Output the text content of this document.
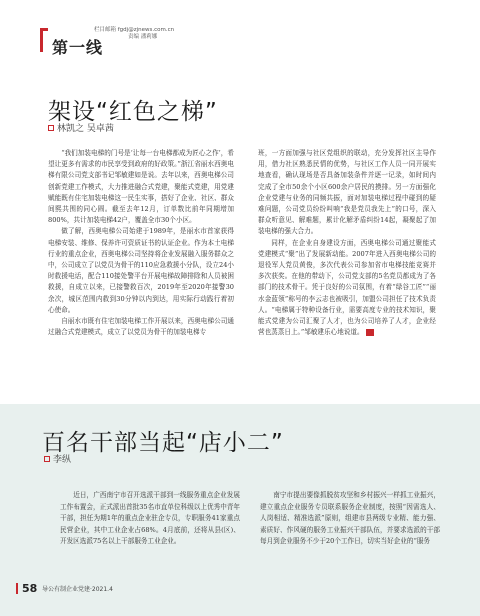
第一线
栏目邮箱 fgdj@zjnews.com.cn
责编 潘莉娜
架设“红色之梯”
林凯之 吴卓茜

“我们加装电梯的门号是‘让每一台电梯都成为匠心之作’，希望让更多有需求的市民享受到政府的好政策。”浙江省丽水西奥电梯有限公司党支部书记邹敏建如是说。去年以来，西奥电梯公司创新党建工作模式，大力推进融合式党建，聚能式党建，用党建赋能既有住宅加装电梯这一民生实事，搭好了企业、社区、群众间熙共围的同心圆。截至去年12月，订单数比前年同期增加800%，共计加装电梯42户，覆盖全市30个小区。

做了解，西奥电梯公司始建于1989年，是丽水市首家获得电梯安装、维修、保养许可资质证书的认证企业。作为本土电梯行业的重点企业，西奥电梯公司坚持将企业发展融入服务群众之中，公司成立了以党员为骨干的110应急救援小分队，设立24小时救援电话，配合110接处警平台开展电梯故障排除和人员被困救援，自成立以来，已接警救百次，2019年至2020年接警30余次，城区范围内救到30分钟以内到达，用实际行动践行着初心使命。

自丽水市既有住宅加装电梯工作开展以来，西奥电梯公司通过融合式党建模式，成立了以党员为骨干的加装电梯专

班，一方面加强与社区党组织的联动，充分发挥社区主导作用，借力社区熟悉民情的优势，与社区工作人员一同开展实地查看，确认现场是否具备加装条件并逐一记录，如时间内完成了全市50余个小区600余户居民的摸排。另一方面强化企业党建与业务的同频共振，面对加装电梯过程中碰到的疑难问题，公司党员纷纷叫响“我是党员我先上”的口号，深入群众听意见、解难题，累计化解矛盾纠纷14起，凝聚起了加装电梯的强大合力。

同样，在企业自身建设方面，西奥电梯公司通过聚能式党建模式“聚”出了发展新动能。2007年进入西奥电梯公司的退役军人党员黄俊，多次代表公司参加省市电梯技能竞赛并多次获奖。在他的带动下，公司党支部的5名党员都成为了各部门的技术骨干。凭于良好的公司氛围，有着“绿谷工匠”“丽水金蓝领”称号的李云志也被吸引，加盟公司担任了技术负责人。“电梯属于特种设备行业，需要高度专业的技术知识，聚能式党建为公司汇聚了人才，也为公司培养了人才，企业经营也蒸蒸日上。”邹敏建乐心地说道。

百名干部当起“店小二”
李纵

近日，广西南宁市召开选派干部到一线服务重点企业发展工作布置会，正式派出首批35名市直单位科级以上优秀中青年干部，担任为期1年的重点企业驻企专员，专职服务41家重点民营企业，其中工业企业占68%。4月底前，还将从县(区)、开发区选派75名以上干部服务工业企业。

南宁市提出要像抓脱贫攻坚和乡村振兴一样抓工业振兴，建立重点企业服务专员联系服务企业制度，按照“因需选人、人岗相适、精准选派”原则，组建市县两级专业精、能力强、素质好、作风硬的服务工业振兴干部队伍，并要求选派的干部每月到企业服务不少于20个工作日，切实当好企业的“服务

58 导公有制企业党建·2021.4
